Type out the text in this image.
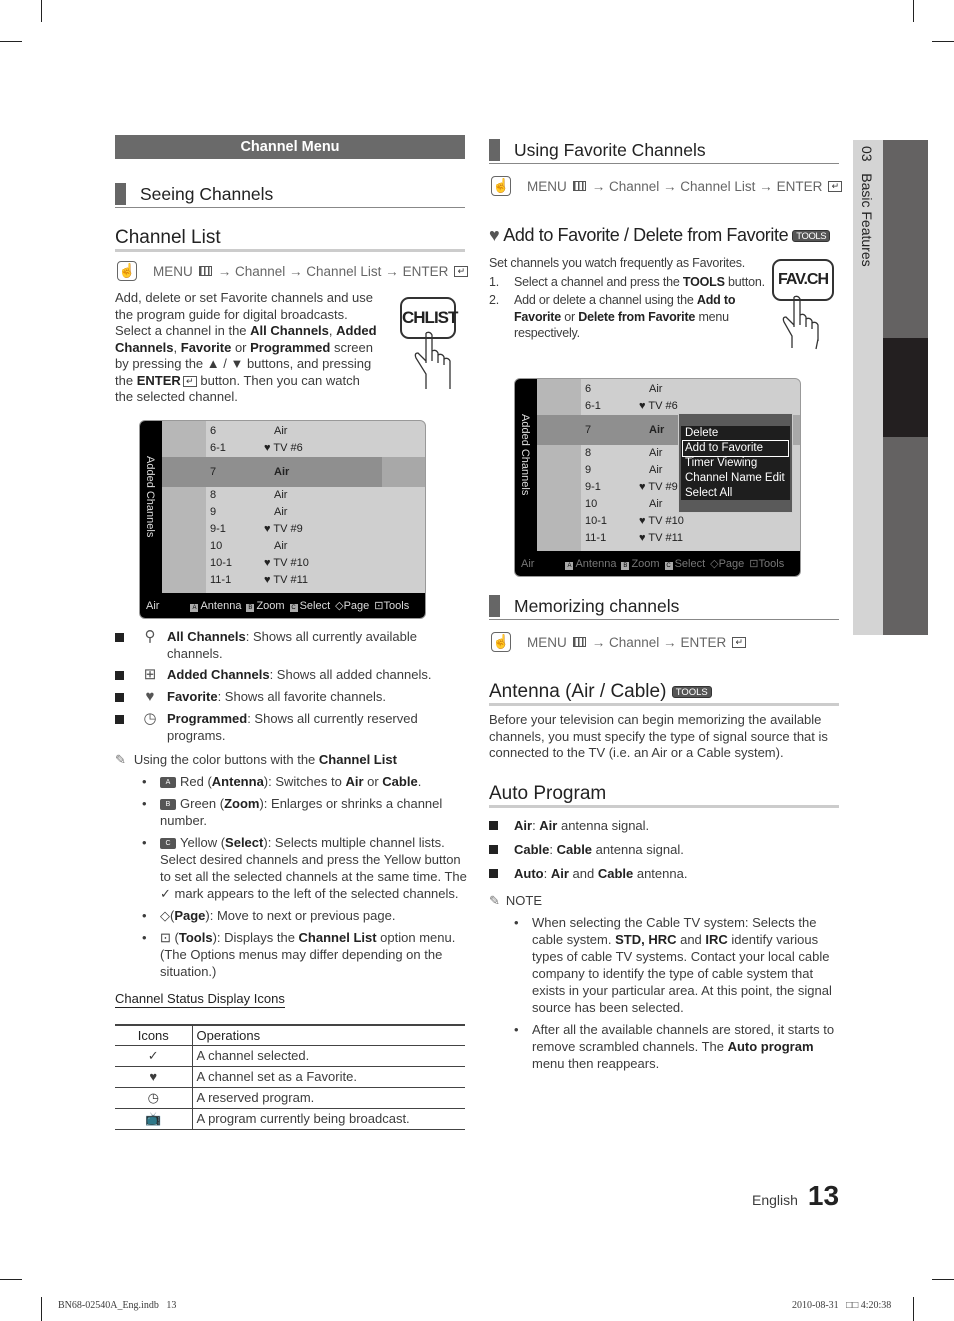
Channel Menu
Seeing Channels
Channel List
☝ MENU → Channel → Channel List → ENTER	↵

Add, delete or set Favorite channels and use the program guide for digital broadcasts.

Select a channel in the All Channels, Added Channels, Favorite or Programmed screen by pressing the ▲ / ▼ buttons, and pressing the ENTER ↵ button. Then you can watch the selected channel.

CHLIST
Added Channels
6	Air
6-1	♥ TV #6
7	Air
8	Air
9	Air
9-1	♥ TV #9
10	Air
10-1	♥ TV #10
11-1	♥ TV #11
Air	A Antenna	B Zoom	C Select ◇Page ⊡Tools
⚲ All Channels: Shows all currently available channels.
⊞ Added Channels: Shows all added channels.
♥ Favorite: Shows all favorite channels.
◷ Programmed: Shows all currently reserved programs.
✎ Using the color buttons with the Channel List
• A Red (Antenna): Switches to Air or Cable.
• B Green (Zoom): Enlarges or shrinks a channel number.
• C Yellow (Select): Selects multiple channel lists. Select desired channels and press the Yellow button to set all the selected channels at the same time. The ✓ mark appears to the left of the selected channels.
• ◇(Page): Move to next or previous page.
• ⊡ (Tools): Displays the Channel List option menu. (The Options menus may differ depending on the situation.)
Channel Status Display Icons
Icons	Operations
✓	A channel selected.
♥	A channel set as a Favorite.
◷	A reserved program.
📺	A program currently being broadcast.
Using Favorite Channels
☝ MENU → Channel → Channel List → ENTER	↵
♥ Add to Favorite / Delete from Favorite TOOLS
Set channels you watch frequently as Favorites.
1.	Select a channel and press the TOOLS button.
2.	Add or delete a channel using the Add to Favorite or Delete from Favorite menu respectively.
FAV.CH
Added Channels
6	Air
6-1	♥ TV #6
7	Air
8	Air
9	Air
9-1	♥ TV #9
10	Air
10-1	♥ TV #10
11-1	♥ TV #11
Air	A Antenna	B Zoom	C Select ◇Page ⊡Tools
Delete
Add to Favorite
Timer Viewing
Channel Name Edit
Select All
Memorizing channels
☝ MENU → Channel → ENTER	↵
Antenna (Air / Cable) TOOLS

Before your television can begin memorizing the available channels, you must specify the type of signal source that is connected to the TV (i.e. an Air or a Cable system).

Auto Program
Air: Air antenna signal.
Cable: Cable antenna signal.
Auto: Air and Cable antenna.
✎ NOTE
• When selecting the Cable TV system: Selects the cable system. STD, HRC and IRC identify various types of cable TV systems. Contact your local cable company to identify the type of cable system that exists in your particular area. At this point, the signal source has been selected.
• After all the available channels are stored, it starts to remove scrambled channels. The Auto program menu then reappears.
03   Basic Features
English 13
BN68-02540A_Eng.indb   13	2010-08-31 □□ 4:20:38
